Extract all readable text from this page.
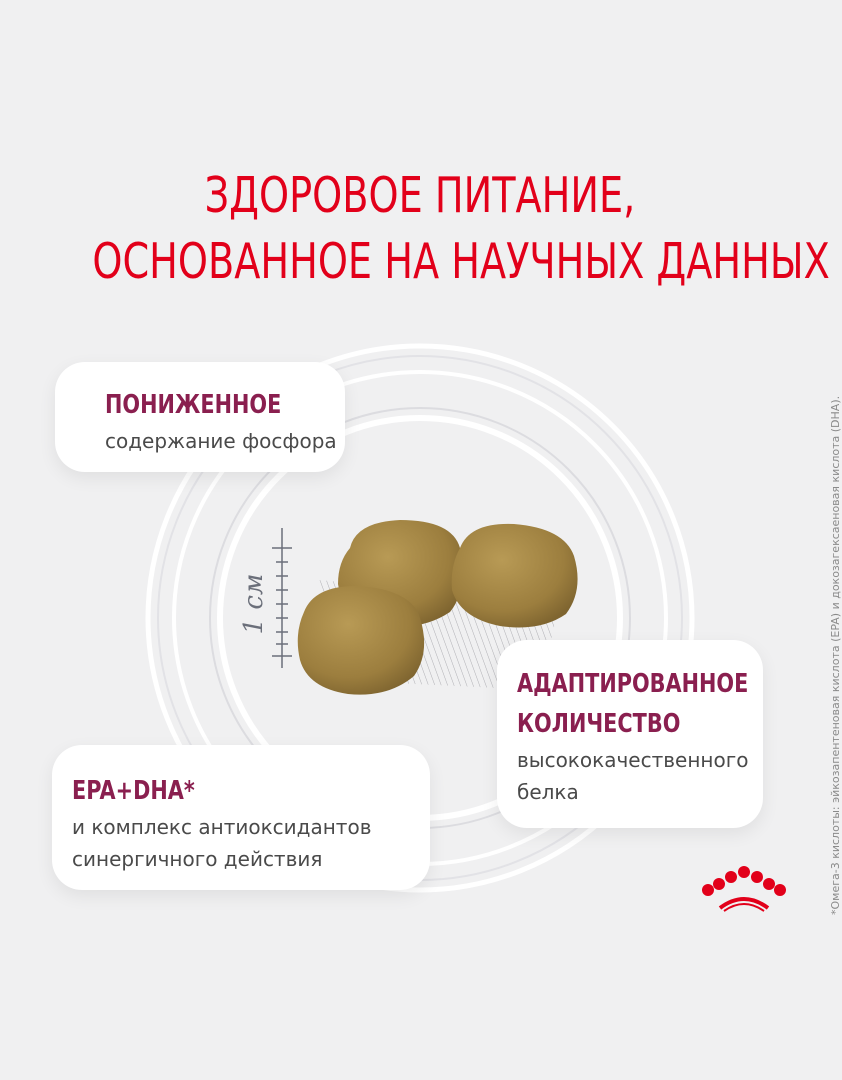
ЗДОРОВОЕ ПИТАНИЕ,
ОСНОВАННОЕ НА НАУЧНЫХ ДАННЫХ
1 см
ПОНИЖЕННОЕ
содержание фосфора
АДАПТИРОВАННОЕ
КОЛИЧЕСТВО
высококачественного
белка
EPA+DHA*
и комплекс антиоксидантов
синергичного действия	*Омега-3 кислоты: эйкозапентеновая кислота (EPA) и докозагексаеновая кислота (DHA).
